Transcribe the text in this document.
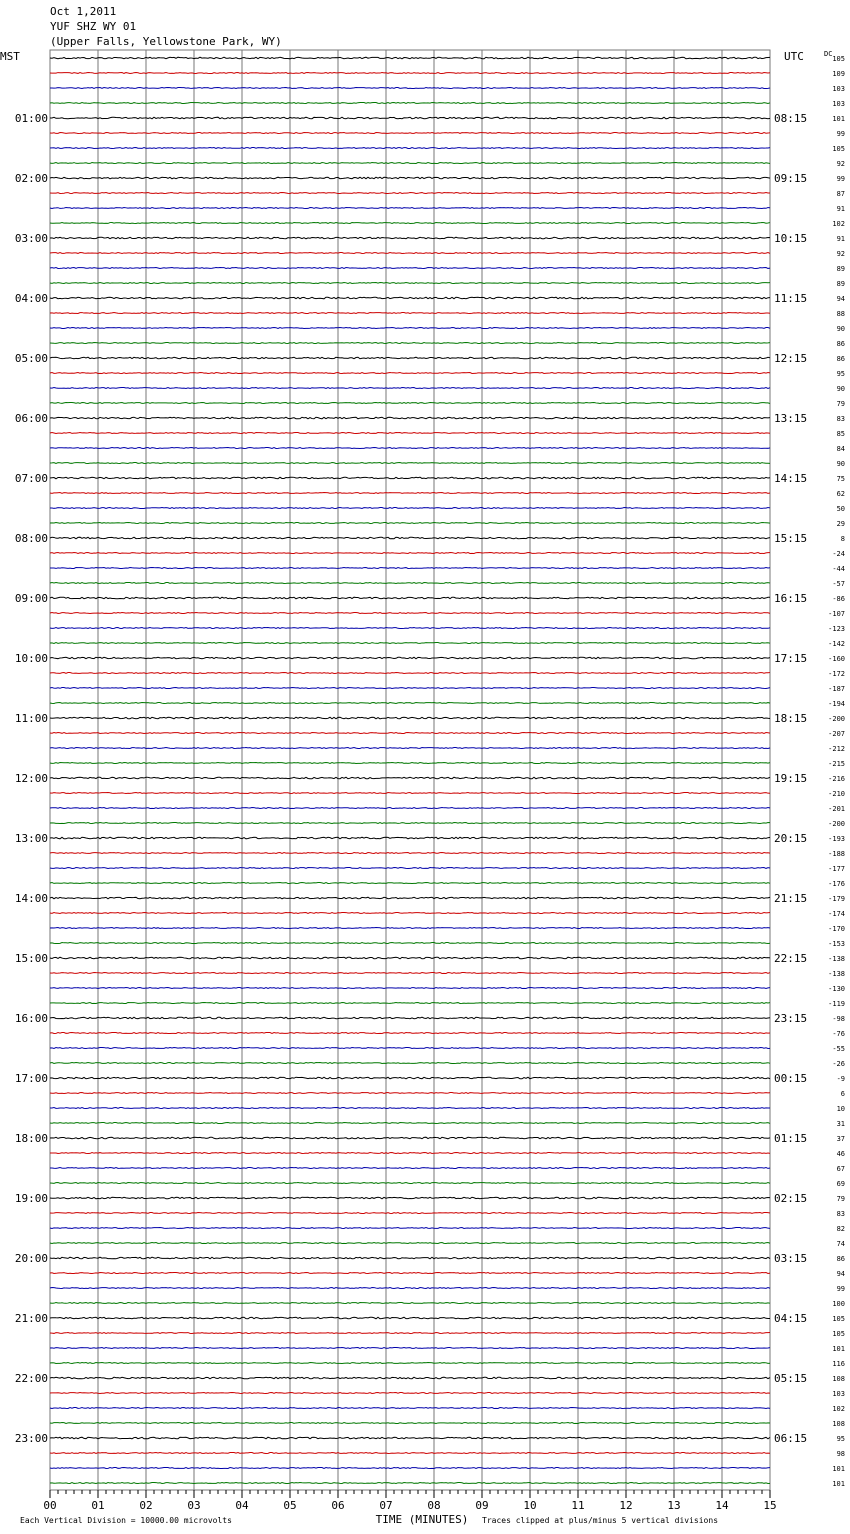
Oct 1,2011
YUF SHZ WY 01
(Upper Falls, Yellowstone Park, WY)
105
109
103
103
101
99
105
92
99
87
91
102
91
92
89
89
94
88
90
86
86
95
90
79
83
85
84
90
75
62
50
29
8
-24
-44
-57
-86
-107
-123
-142
-160
-172
-187
-194
-200
-207
-212
-215
-216
-210
-201
-200
-193
-188
-177
-176
-179
-174
-170
-153
-138
-138
-130
-119
-98
-76
-55
-26
-9
6
10
31
37
46
67
69
79
83
82
74
86
94
99
100
105
105
101
116
108
103
102
108
95
98
101
101
01:00	08:15
02:00	09:15
03:00	10:15
04:00	11:15
05:00	12:15
06:00	13:15
07:00	14:15
08:00	15:15
09:00	16:15
10:00	17:15
11:00	18:15
12:00	19:15
13:00	20:15
14:00	21:15
15:00	22:15
16:00	23:15
17:00	00:15
18:00	01:15
19:00	02:15
20:00	03:15
21:00	04:15
22:00	05:15
23:00	06:15
MST	UTC	DC
00	01	02	03	04	05	06	07	08	09	10	11	12	13	14	15
Each Vertical Division = 10000.00 microvolts	TIME (MINUTES) Traces clipped at plus/minus 5 vertical divisions
